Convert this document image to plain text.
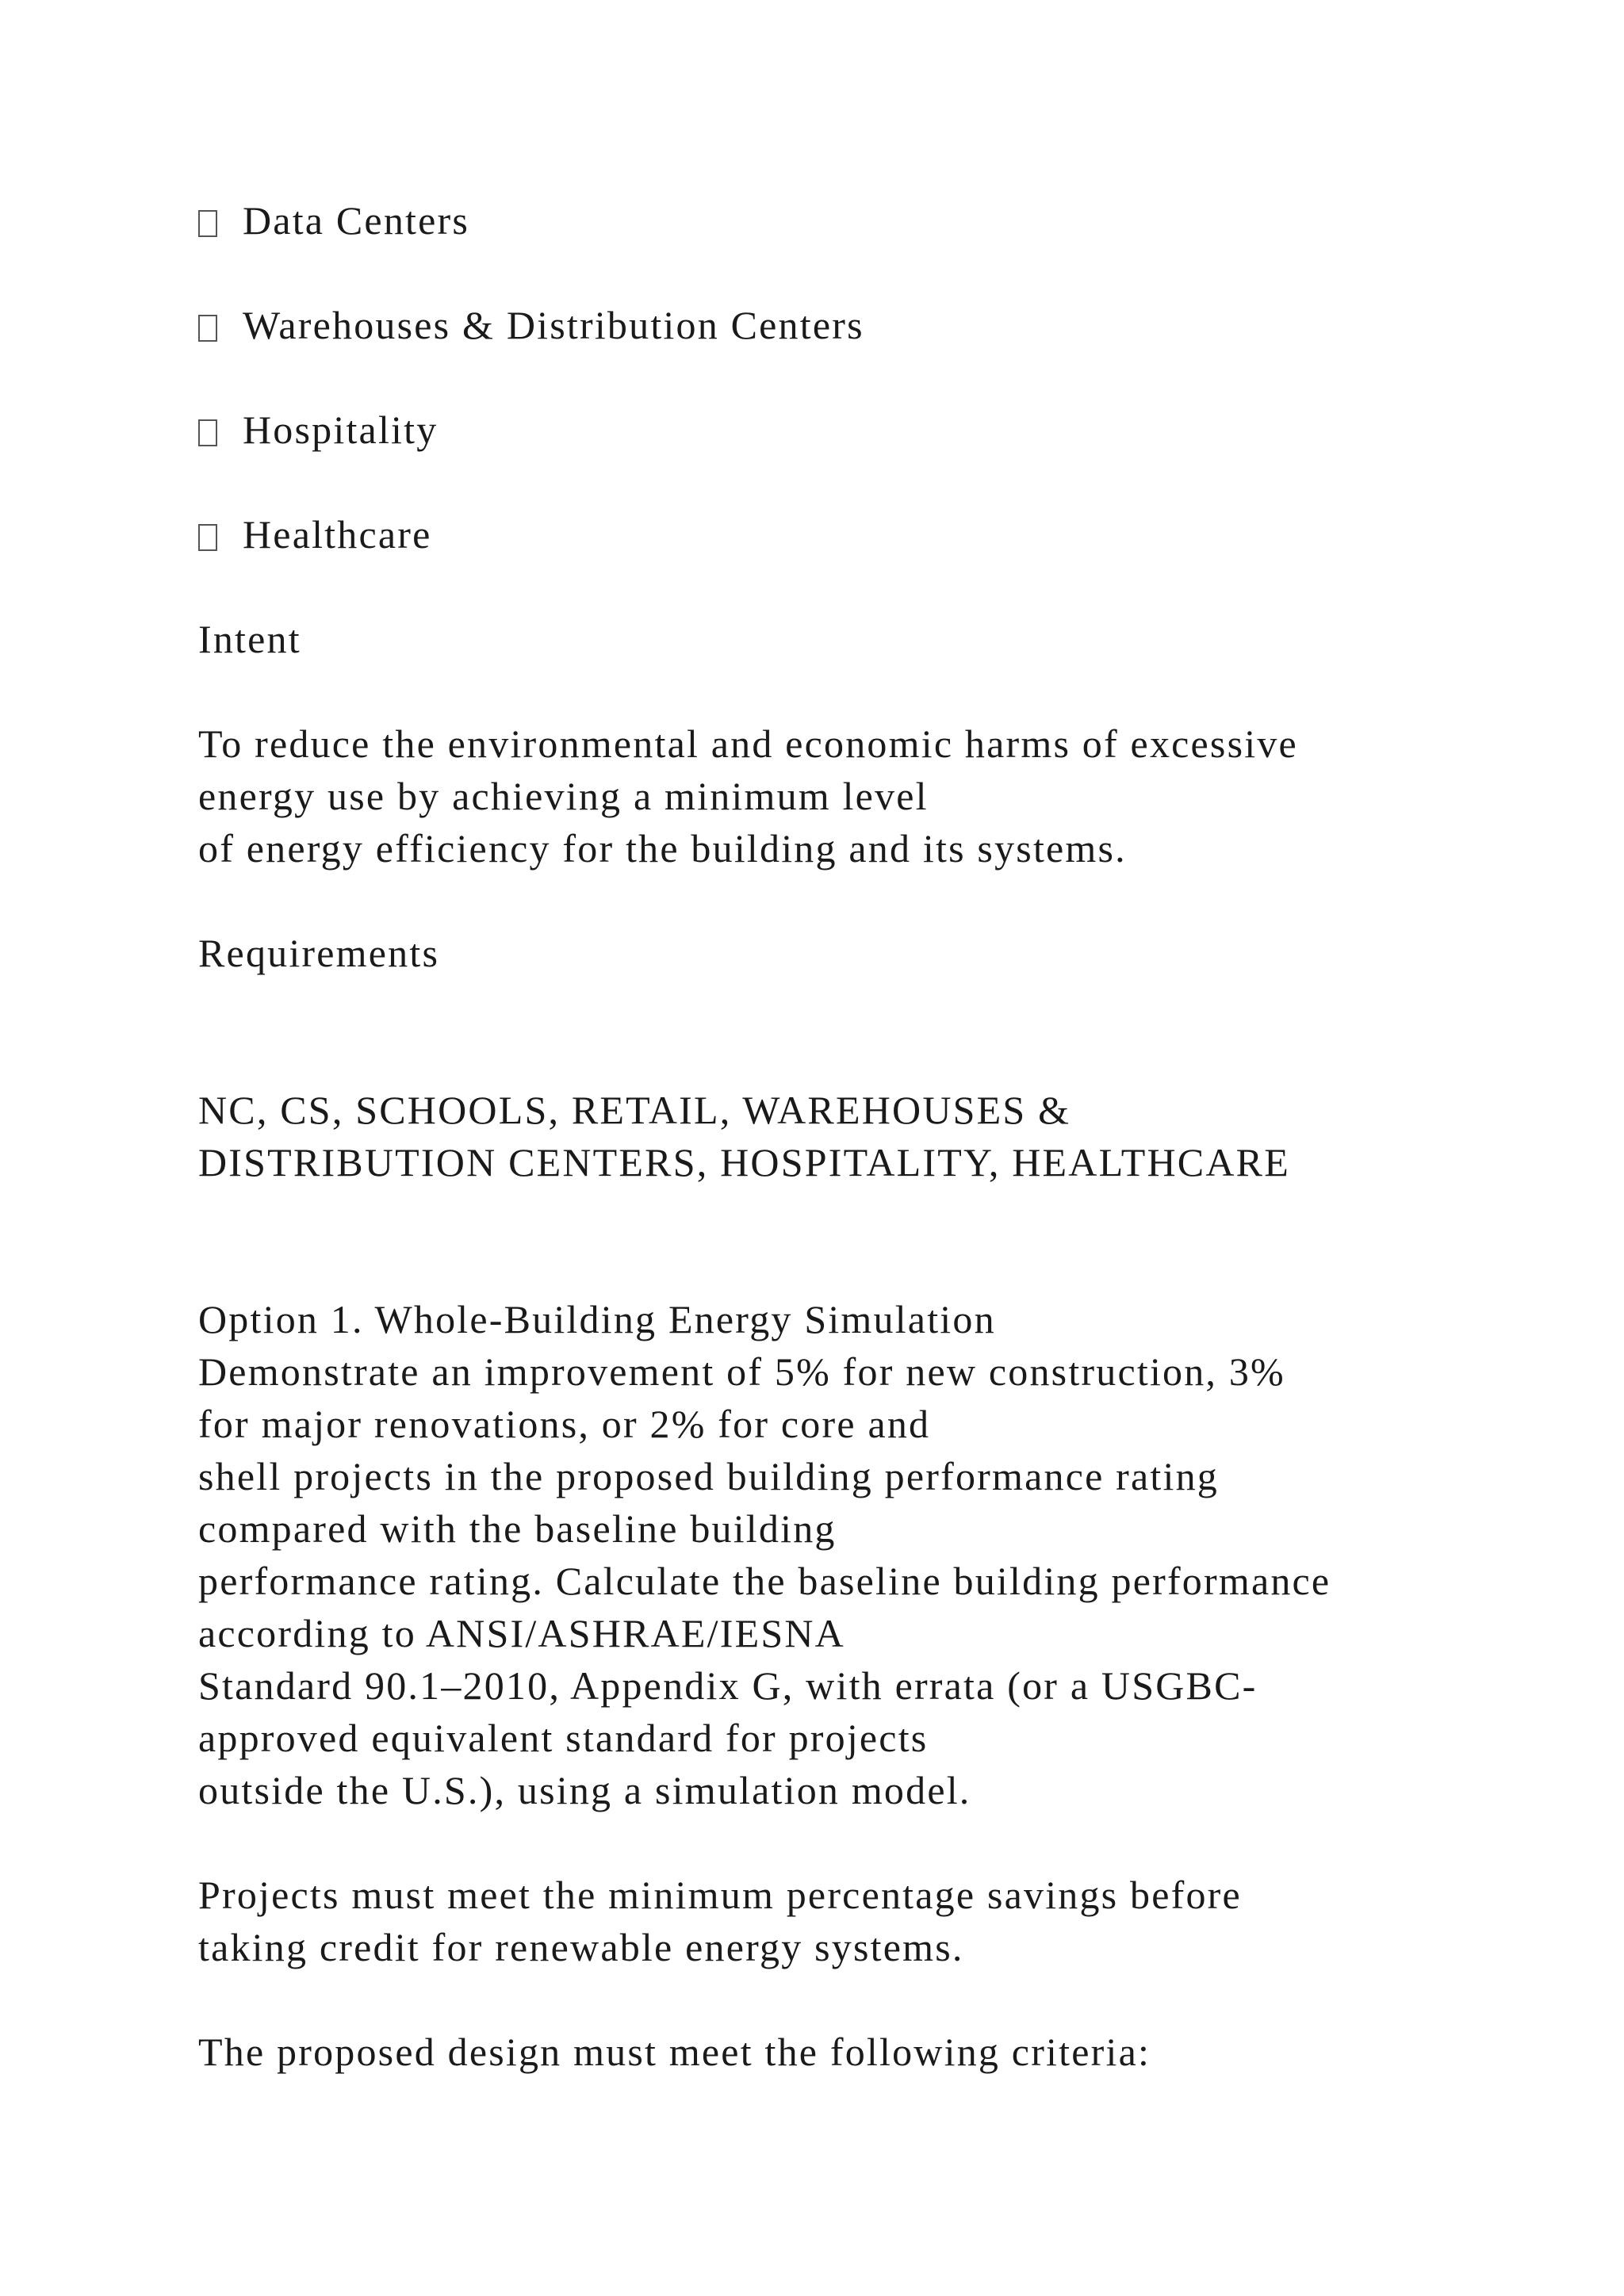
Data Centers
Warehouses & Distribution Centers
Hospitality
Healthcare
Intent
To reduce the environmental and economic harms of excessive
energy use by achieving a minimum level
of energy efficiency for the building and its systems.
Requirements
NC, CS, SCHOOLS, RETAIL, WAREHOUSES &
DISTRIBUTION CENTERS, HOSPITALITY, HEALTHCARE
Option 1. Whole-Building Energy Simulation
Demonstrate an improvement of 5% for new construction, 3%
for major renovations, or 2% for core and
shell projects in the proposed building performance rating
compared with the baseline building
performance rating. Calculate the baseline building performance
according to ANSI/ASHRAE/IESNA
Standard 90.1–2010, Appendix G, with errata (or a USGBC-
approved equivalent standard for projects
outside the U.S.), using a simulation model.
Projects must meet the minimum percentage savings before
taking credit for renewable energy systems.
The proposed design must meet the following criteria:
